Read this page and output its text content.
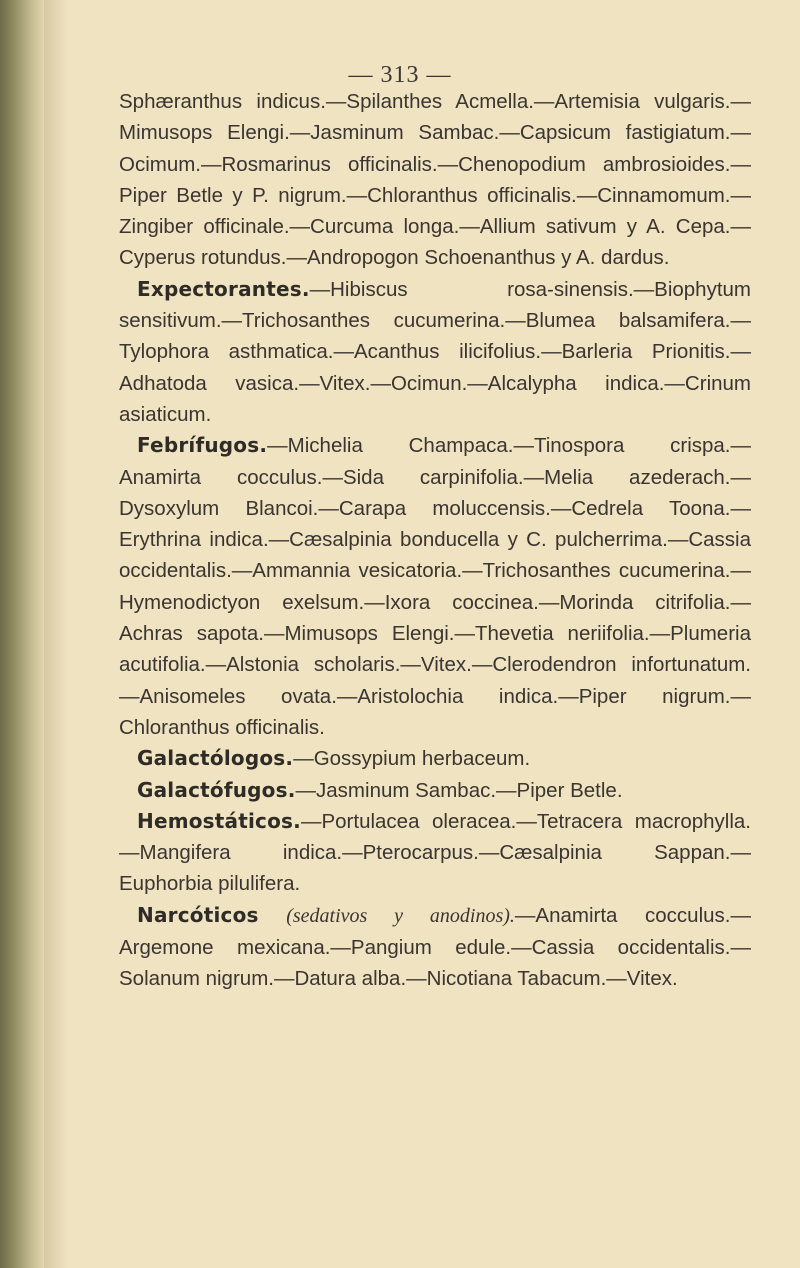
— 313 —

Sphæranthus indicus.—Spilanthes Acmella.—Artemisia vulgaris.—Mimusops Elengi.—Jasminum Sambac.—Capsicum fastigiatum.—Ocimum.—Rosmarinus officinalis.—Chenopodium ambrosioides.—Piper Betle y P. nigrum.—Chloranthus officinalis.—Cinnamomum.—Zingiber officinale.—Curcuma longa.—Allium sativum y A. Cepa.—Cyperus rotundus.—Andropogon Schoenanthus y A. dardus.

Expectorantes.—Hibiscus rosa-sinensis.—Biophytum sensitivum.—Trichosanthes cucumerina.—Blumea balsamifera.—Tylophora asthmatica.—Acanthus ilicifolius.—Barleria Prionitis.—Adhatoda vasica.—Vitex.—Ocimun.—Alcalypha indica.—Crinum asiaticum.

Febrífugos.—Michelia Champaca.—Tinospora crispa.—Anamirta cocculus.—Sida carpinifolia.—Melia azederach.—Dysoxylum Blancoi.—Carapa moluccensis.—Cedrela Toona.—Erythrina indica.—Cæsalpinia bonducella y C. pulcherrima.—Cassia occidentalis.—Ammannia vesicatoria.—Trichosanthes cucumerina.—Hymenodictyon exelsum.—Ixora coccinea.—Morinda citrifolia.—Achras sapota.—Mimusops Elengi.—Thevetia neriifolia.—Plumeria acutifolia.—Alstonia scholaris.—Vitex.—Clerodendron infortunatum.—Anisomeles ovata.—Aristolochia indica.—Piper nigrum.—Chloranthus officinalis.

Galactólogos.—Gossypium herbaceum.

Galactófugos.—Jasminum Sambac.—Piper Betle.

Hemostáticos.—Portulacea oleracea.—Tetracera macrophylla.—Mangifera indica.—Pterocarpus.—Cæsalpinia Sappan.—Euphorbia pilulifera.

Narcóticos (sedativos y anodinos).—Anamirta cocculus.—Argemone mexicana.—Pangium edule.—Cassia occidentalis.—Solanum nigrum.—Datura alba.—Nicotiana Tabacum.—Vitex.
